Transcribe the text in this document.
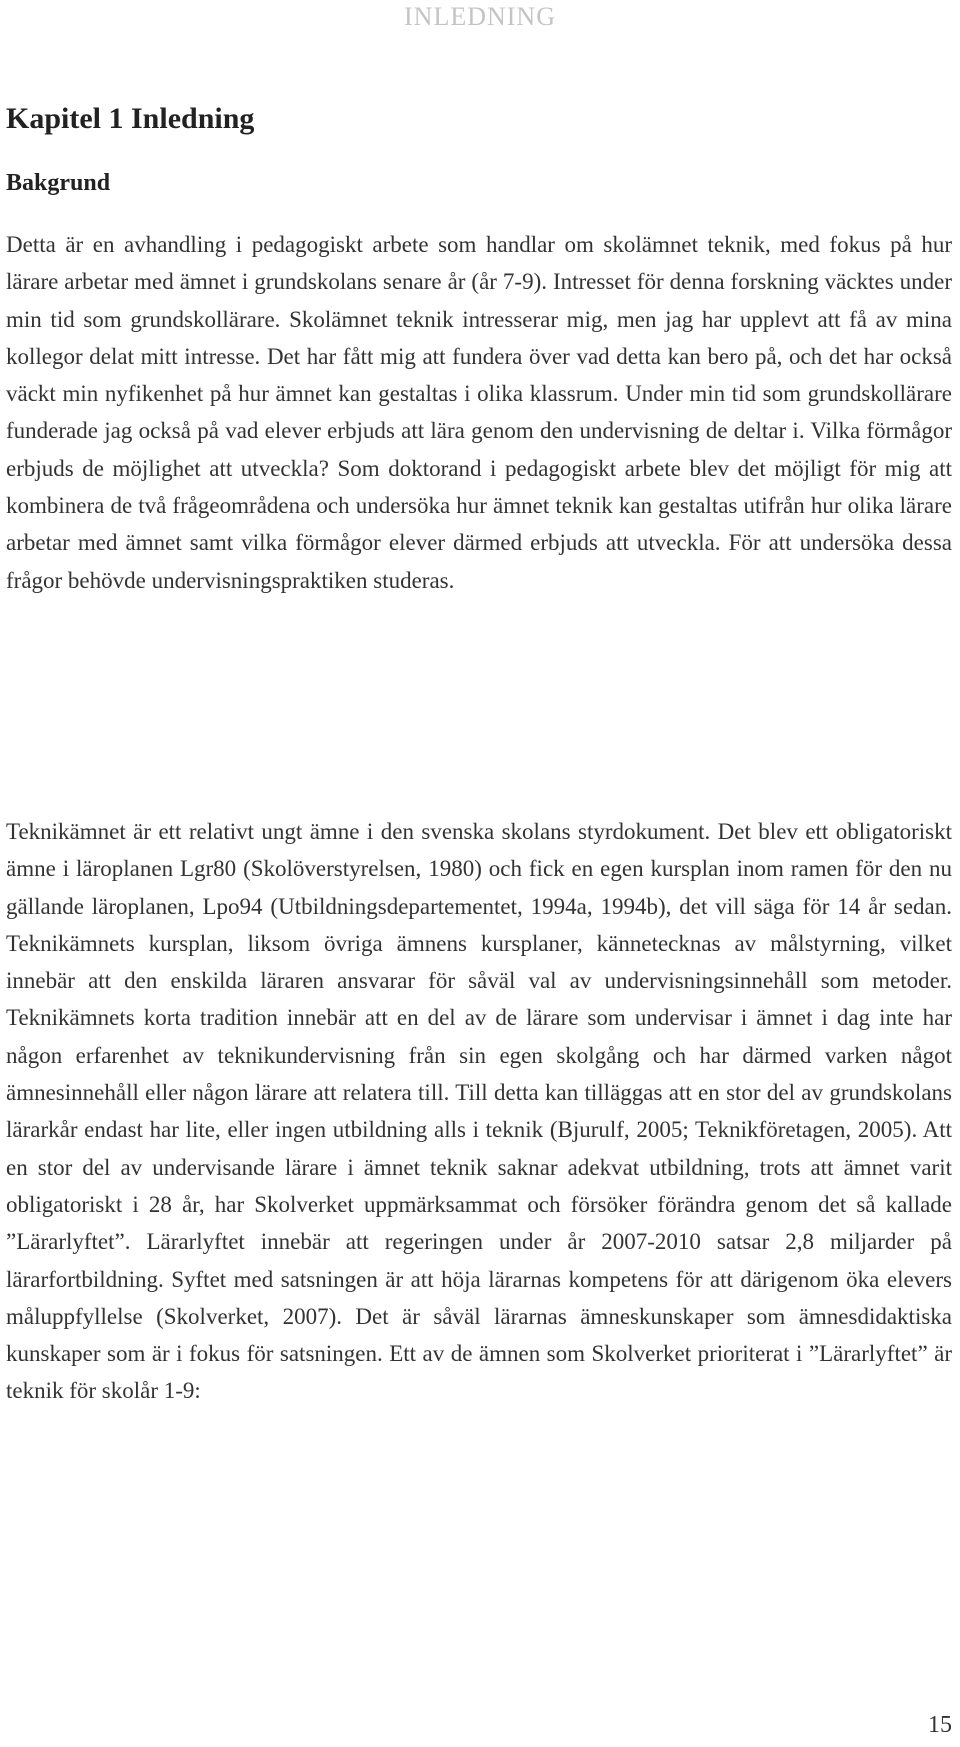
INLEDNING
Kapitel 1 Inledning
Bakgrund

Detta är en avhandling i pedagogiskt arbete som handlar om skolämnet teknik, med fokus på hur lärare arbetar med ämnet i grundskolans senare år (år 7-9). Intresset för denna forskning väcktes under min tid som grundskollärare. Skolämnet teknik intresserar mig, men jag har upplevt att få av mina kollegor delat mitt intresse. Det har fått mig att fundera över vad detta kan bero på, och det har också väckt min nyfikenhet på hur ämnet kan gestaltas i olika klassrum. Under min tid som grundskollärare funderade jag också på vad elever erbjuds att lära genom den undervisning de deltar i. Vilka förmågor erbjuds de möjlighet att utveckla? Som doktorand i pedagogiskt arbete blev det möjligt för mig att kombinera de två frågeområdena och undersöka hur ämnet teknik kan gestaltas utifrån hur olika lärare arbetar med ämnet samt vilka förmågor elever därmed erbjuds att utveckla. För att undersöka dessa frågor behövde undervisningspraktiken studeras.

Teknikämnet är ett relativt ungt ämne i den svenska skolans styrdokument. Det blev ett obligatoriskt ämne i läroplanen Lgr80 (Skolöverstyrelsen, 1980) och fick en egen kursplan inom ramen för den nu gällande läroplanen, Lpo94 (Utbildningsdepartementet, 1994a, 1994b), det vill säga för 14 år sedan. Teknikämnets kursplan, liksom övriga ämnens kursplaner, kännetecknas av målstyrning, vilket innebär att den enskilda läraren ansvarar för såväl val av undervisningsinnehåll som metoder. Teknikämnets korta tradition innebär att en del av de lärare som undervisar i ämnet i dag inte har någon erfarenhet av teknikundervisning från sin egen skolgång och har därmed varken något ämnesinnehåll eller någon lärare att relatera till. Till detta kan tilläggas att en stor del av grundskolans lärarkår endast har lite, eller ingen utbildning alls i teknik (Bjurulf, 2005; Teknikföretagen, 2005). Att en stor del av undervisande lärare i ämnet teknik saknar adekvat utbildning, trots att ämnet varit obligatoriskt i 28 år, har Skolverket uppmärksammat och försöker förändra genom det så kallade ”Lärarlyftet”. Lärarlyftet innebär att regeringen under år 2007-2010 satsar 2,8 miljarder på lärarfortbildning. Syftet med satsningen är att höja lärarnas kompetens för att därigenom öka elevers måluppfyllelse (Skolverket, 2007). Det är såväl lärarnas ämneskunskaper som ämnesdidaktiska kunskaper som är i fokus för satsningen. Ett av de ämnen som Skolverket prioriterat i ”Lärarlyftet” är teknik för skolår 1-9:

15
